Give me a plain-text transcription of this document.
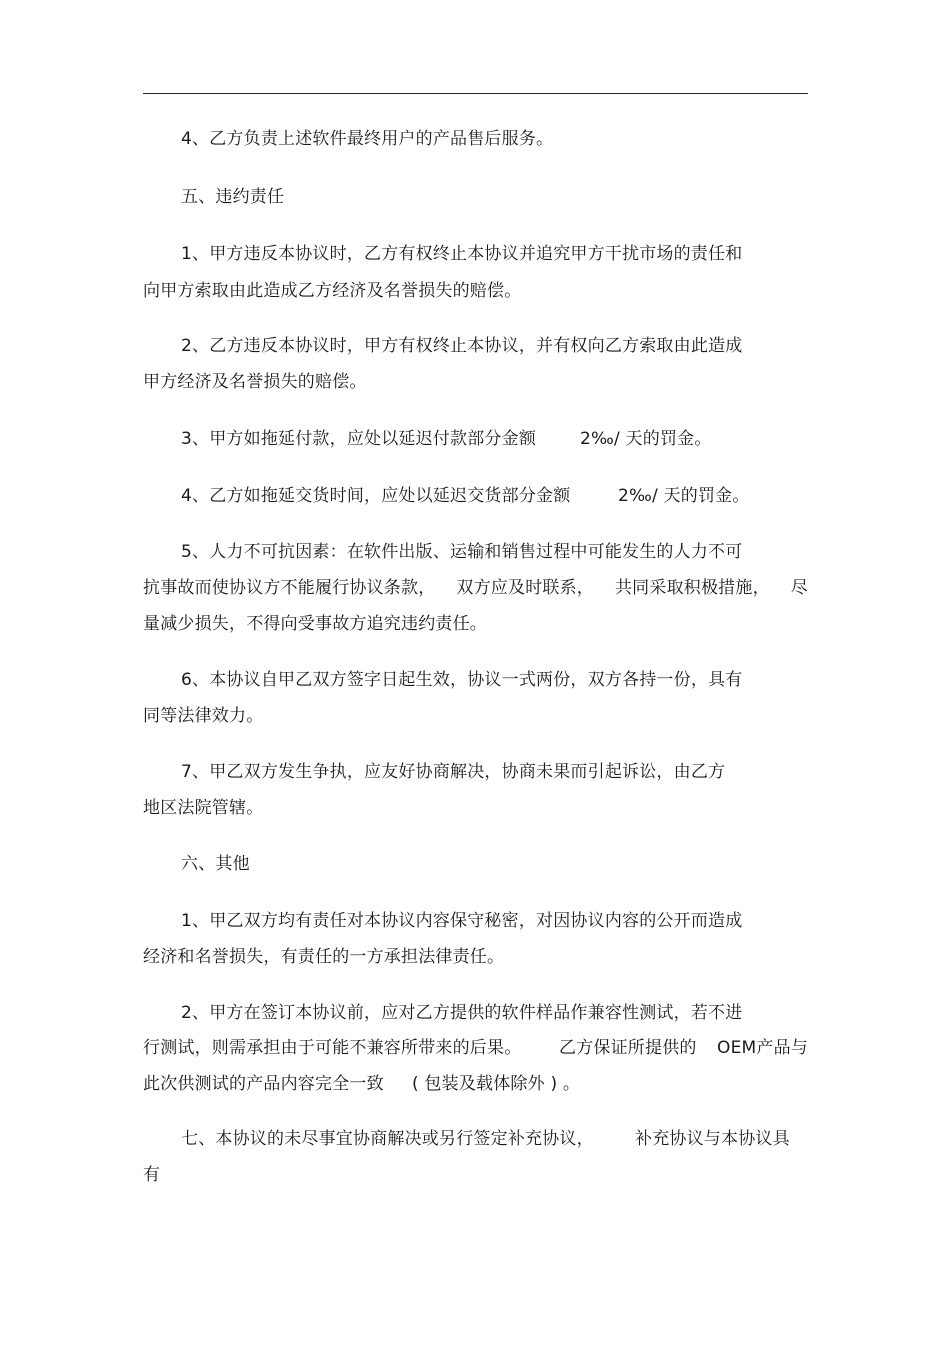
4、乙方负责上述软件最终用户的产品售后服务。
五、违约责任
1、甲方违反本协议时，乙方有权终止本协议并追究甲方干扰市场的责任和
向甲方索取由此造成乙方经济及名誉损失的赔偿。
2、乙方违反本协议时，甲方有权终止本协议，并有权向乙方索取由此造成
甲方经济及名誉损失的赔偿。
3、甲方如拖延付款，应处以延迟付款部分金额	2‰/ 天的罚金。
4、乙方如拖延交货时间，应处以延迟交货部分金额	2‰/ 天的罚金。
5、人力不可抗因素：在软件出版、运输和销售过程中可能发生的人力不可
抗事故而使协议方不能履行协议条款， 双方应及时联系， 共同采取积极措施， 尽
量减少损失，不得向受事故方追究违约责任。
6、本协议自甲乙双方签字日起生效，协议一式两份，双方各持一份，具有
同等法律效力。
7、甲乙双方发生争执，应友好协商解决，协商未果而引起诉讼，由乙方
地区法院管辖。
六、其他
1、甲乙双方均有责任对本协议内容保守秘密，对因协议内容的公开而造成
经济和名誉损失，有责任的一方承担法律责任。
2、甲方在签订本协议前，应对乙方提供的软件样品作兼容性测试，若不进
行测试，则需承担由于可能不兼容所带来的后果。 乙方保证所提供的 OEM产品与
此次供测试的产品内容完全一致 ( 包装及载体除外 ) 。
七、本协议的未尽事宜协商解决或另行签定补充协议， 补充协议与本协议具
有
